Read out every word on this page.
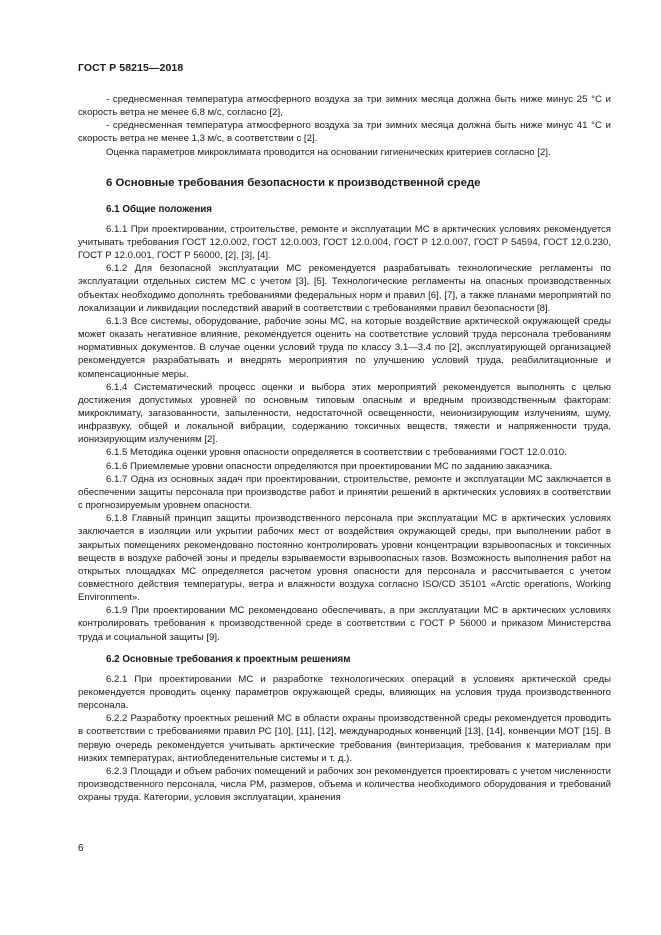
ГОСТ Р 58215—2018

- среднесменная температура атмосферного воздуха за три зимних месяца должна быть ниже минус 25 °С и скорость ветра не менее 6,8 м/с, согласно [2],

- среднесменная температура атмосферного воздуха за три зимних месяца должна быть ниже минус 41 °С и скорость ветра не менее 1,3 м/с, в соответствии с [2].

Оценка параметров микроклимата проводится на основании гигиенических критериев согласно [2].

6 Основные требования безопасности к производственной среде
6.1 Общие положения

6.1.1 При проектировании, строительстве, ремонте и эксплуатации МС в арктических условиях рекомендуется учитывать требования ГОСТ 12.0.002, ГОСТ 12.0.003, ГОСТ 12.0.004, ГОСТ Р 12.0.007, ГОСТ Р 54594, ГОСТ 12.0.230, ГОСТ Р 12.0.001, ГОСТ Р 56000, [2], [3], [4].

6.1.2 Для безопасной эксплуатации МС рекомендуется разрабатывать технологические регламенты по эксплуатации отдельных систем МС с учетом [3], [5]. Технологические регламенты на опасных производственных объектах необходимо дополнять требованиями федеральных норм и правил [6], [7], а также планами мероприятий по локализации и ликвидации последствий аварий в соответствии с требованиями правил безопасности [8].

6.1.3 Все системы, оборудование, рабочие зоны МС, на которые воздействие арктической окружающей среды может оказать негативное влияние, рекомендуется оценить на соответствие условий труда персонала требованиям нормативных документов. В случае оценки условий труда по классу 3.1—3.4 по [2], эксплуатирующей организацией рекомендуется разрабатывать и внедрять мероприятия по улучшению условий труда, реабилитационные и компенсационные меры.

6.1.4 Систематический процесс оценки и выбора этих мероприятий рекомендуется выполнять с целью достижения допустимых уровней по основным типовым опасным и вредным производственным факторам: микроклимату, загазованности, запыленности, недостаточной освещенности, неионизирующим излучениям, шуму, инфразвуку, общей и локальной вибрации, содержанию токсичных веществ, тяжести и напряженности труда, ионизирующим излучениям [2].

6.1.5 Методика оценки уровня опасности определяется в соответствии с требованиями ГОСТ 12.0.010.

6.1.6 Приемлемые уровни опасности определяются при проектировании МС по заданию заказчика.

6.1.7 Одна из основных задач при проектировании, строительстве, ремонте и эксплуатации МС заключается в обеспечении защиты персонала при производстве работ и принятии решений в арктических условиях в соответствии с прогнозируемым уровнем опасности.

6.1.8 Главный принцип защиты производственного персонала при эксплуатации МС в арктических условиях заключается в изоляции или укрытии рабочих мест от воздействия окружающей среды, при выполнении работ в закрытых помещениях рекомендовано постоянно контролировать уровни концентрации взрывоопасных и токсичных веществ в воздухе рабочей зоны и пределы взрываемости взрывоопасных газов. Возможность выполнения работ на открытых площадках МС определяется расчетом уровня опасности для персонала и рассчитывается с учетом совместного действия температуры, ветра и влажности воздуха согласно ISO/CD 35101 «Arctic operations, Working Environment».

6.1.9 При проектировании МС рекомендовано обеспечивать, а при эксплуатации МС в арктических условиях контролировать требования к производственной среде в соответствии с ГОСТ Р 56000 и приказом Министерства труда и социальной защиты [9].

6.2 Основные требования к проектным решениям

6.2.1 При проектировании МС и разработке технологических операций в условиях арктической среды рекомендуется проводить оценку параметров окружающей среды, влияющих на условия труда производственного персонала.

6.2.2 Разработку проектных решений МС в области охраны производственной среды рекомендуется проводить в соответствии с требованиями правил РС [10], [11], [12], международных конвенций [13], [14], конвенции МОТ [15]. В первую очередь рекомендуется учитывать арктические требования (винтеризация, требования к материалам при низких температурах, антиобледенительные системы и т. д.).

6.2.3 Площади и объем рабочих помещений и рабочих зон рекомендуется проектировать с учетом численности производственного персонала, числа РМ, размеров, объема и количества необходимого оборудования и требований охраны труда. Категории, условия эксплуатации, хранения

6
